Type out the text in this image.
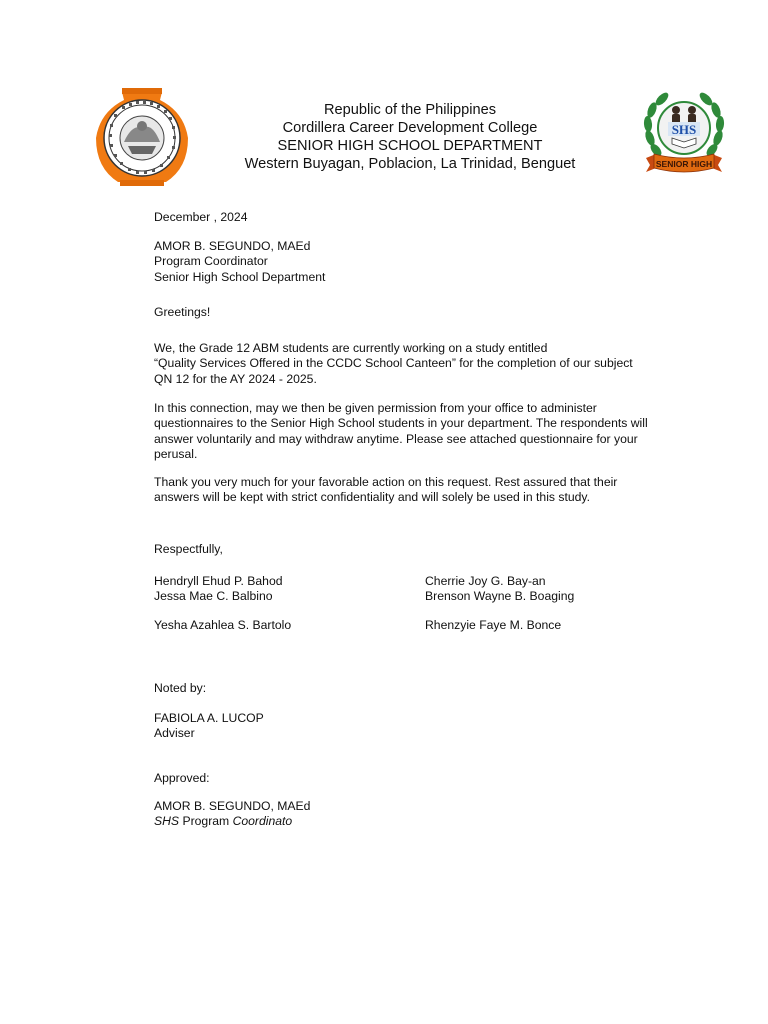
Republic of the Philippines
Cordillera Career Development College
SENIOR HIGH SCHOOL DEPARTMENT
Western Buyagan, Poblacion, La Trinidad, Benguet
SHS
SENIOR HIGH
December , 2024
AMOR B. SEGUNDO, MAEd
Program Coordinator
Senior High School Department
Greetings!
We, the Grade 12 ABM students are currently working on a study entitled
“Quality Services Offered in the CCDC School Canteen” for the completion of our subject
QN 12 for the AY 2024 - 2025.
In this connection, may we then be given permission from your office to administer
questionnaires to the Senior High School students in your department. The respondents will
answer voluntarily and may withdraw anytime. Please see attached questionnaire for your
perusal.
Thank you very much for your favorable action on this request. Rest assured that their
answers will be kept with strict confidentiality and will solely be used in this study.
Respectfully,
Hendryll Ehud P. Bahod
Jessa Mae C. Balbino
Yesha Azahlea S. Bartolo
Cherrie Joy G. Bay-an
Brenson Wayne B. Boaging
Rhenzyie Faye M. Bonce
Noted by:
FABIOLA A. LUCOP
Adviser
Approved:
AMOR B. SEGUNDO, MAEd
SHS Program Coordinato
